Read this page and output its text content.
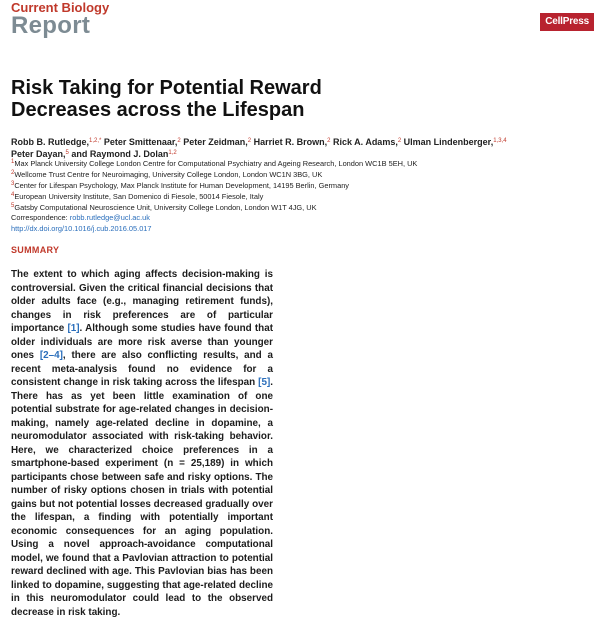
Current Biology
Report	CellPress
Risk Taking for Potential Reward
Decreases across the Lifespan
Robb B. Rutledge,$^{1,2,*}$ Peter Smittenaar,$^2$ Peter Zeidman,$^2$ Harriet R. Brown,$^2$ Rick A. Adams,$^2$ Ulman Lindenberger,$^{1,3,4}$
Peter Dayan,$^5$ and Raymond J. Dolan$^{1,2}$
$^1$Max Planck University College London Centre for Computational Psychiatry and Ageing Research, London WC1B 5EH, UK
$^2$Wellcome Trust Centre for Neuroimaging, University College London, London WC1N 3BG, UK
$^3$Center for Lifespan Psychology, Max Planck Institute for Human Development, 14195 Berlin, Germany
$^4$European University Institute, San Domenico di Fiesole, 50014 Fiesole, Italy
$^5$Gatsby Computational Neuroscience Unit, University College London, London W1T 4JG, UK
Correspondence: robb.rutledge@ucl.ac.uk
http://dx.doi.org/10.1016/j.cub.2016.05.017
SUMMARY
The extent to which aging affects decision-making is controversial. Given the critical financial decisions that older adults face (e.g., managing retirement funds), changes in risk preferences are of particular importance [1]. Although some studies have found that older individuals are more risk averse than younger ones [2–4], there are also conflicting results, and a recent meta-analysis found no evidence for a consistent change in risk taking across the lifespan [5]. There has as yet been little examination of one potential substrate for age-related changes in decision-making, namely age-related decline in dopamine, a neuromodulator associated with risk-taking behavior. Here, we characterized choice preferences in a smartphone-based experiment (n = 25,189) in which participants chose between safe and risky options. The number of risky options chosen in trials with potential gains but not potential losses decreased gradually over the lifespan, a finding with potentially important economic consequences for an aging population. Using a novel approach-avoidance computational model, we found that a Pavlovian attraction to potential reward declined with age. This Pavlovian bias has been linked to dopamine, suggesting that age-related decline in this neuromodulator could lead to the observed decrease in risk taking.
